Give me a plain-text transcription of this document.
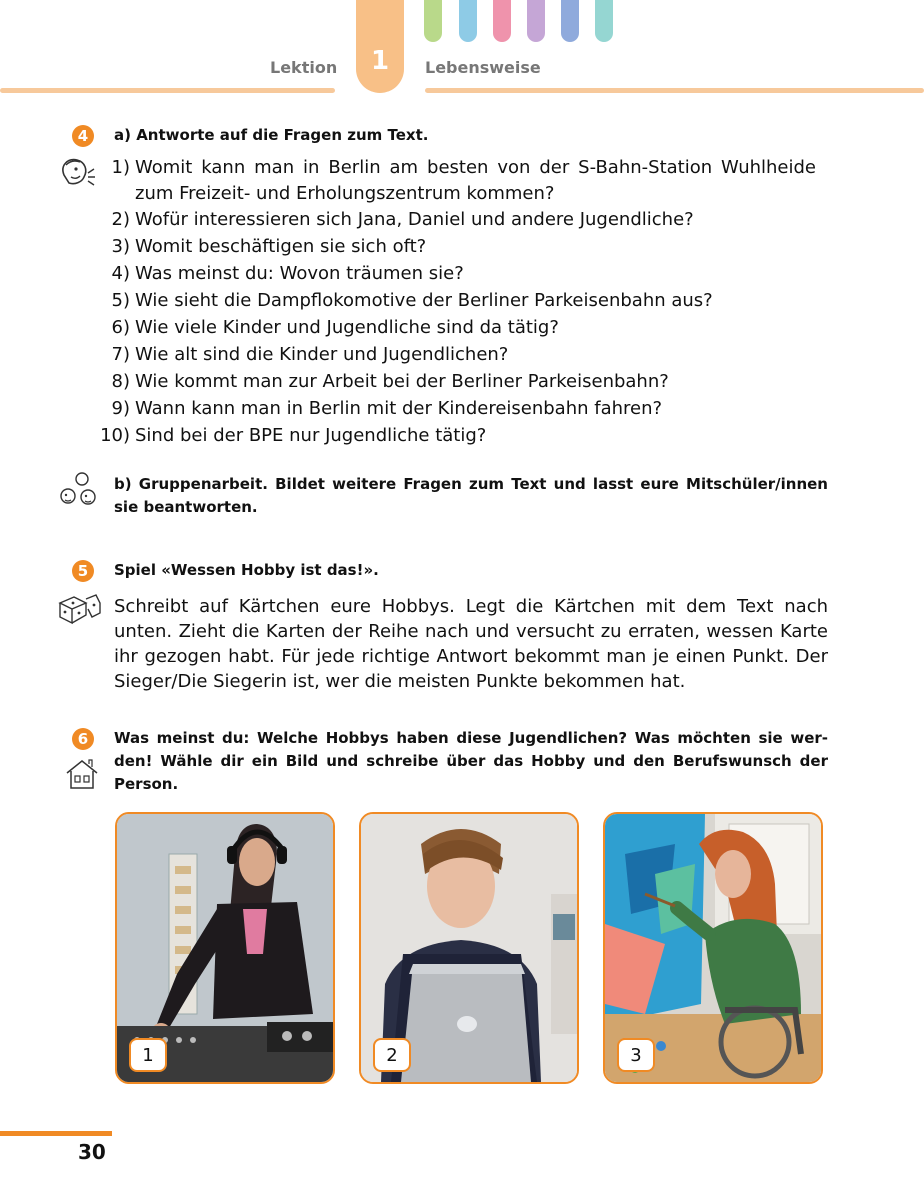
1
Lektion	Lebensweise
4	a) Antworte auf die Fragen zum Text.
1) Womit kann man in Berlin am besten von der S-Bahn-Station Wuhlheide
zum Freizeit- und Erholungszentrum kommen?
2) Wofür interessieren sich Jana, Daniel und andere Jugendliche?
3) Womit beschäftigen sie sich oft?
4) Was meinst du: Wovon träumen sie?
5) Wie sieht die Dampflokomotive der Berliner Parkeisenbahn aus?
6) Wie viele Kinder und Jugendliche sind da tätig?
7) Wie alt sind die Kinder und Jugendlichen?
8) Wie kommt man zur Arbeit bei der Berliner Parkeisenbahn?
9) Wann kann man in Berlin mit der Kindereisenbahn fahren?
10) Sind bei der BPE nur Jugendliche tätig?
b) Gruppenarbeit. Bildet weitere Fragen zum Text und lasst eure Mitschüler/innen sie beantworten.
5	Spiel «Wessen Hobby ist das!».
Schreibt auf Kärtchen eure Hobbys. Legt die Kärtchen mit dem Text nach unten. Zieht die Karten der Reihe nach und versucht zu erraten, wessen Karte ihr gezogen habt. Für jede richtige Antwort bekommt man je einen Punkt. Der Sieger/Die Siegerin ist, wer die meisten Punkte bekommen hat.
6	Was meinst du: Welche Hobbys haben diese Jugendlichen? Was möchten sie wer-den! Wähle dir ein Bild und schreibe über das Hobby und den Berufswunsch der Person.
1	2	3
30
